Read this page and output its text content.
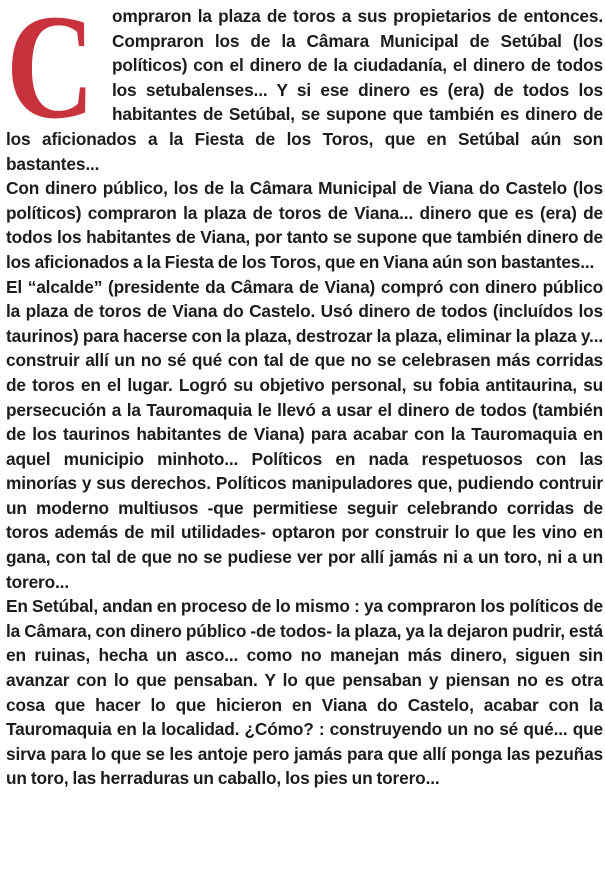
C ompraron la plaza de toros a sus propietarios de entonces. Compraron los de la Câmara Municipal de Setúbal (los políticos) con el dinero de la ciudadanía, el dinero de todos los setubalenses... Y si ese dinero es (era) de todos los habitantes de Setúbal, se supone que también es dinero de los aficionados a la Fiesta de los Toros, que en Setúbal aún son bastantes...

Con dinero público, los de la Câmara Municipal de Viana do Castelo (los políticos) compraron la plaza de toros de Viana... dinero que es (era) de todos los habitantes de Viana, por tanto se supone que también dinero de los aficionados a la Fiesta de los Toros, que en Viana aún son bastantes...

El “alcalde” (presidente da Câmara de Viana) compró con dinero público la plaza de toros de Viana do Castelo. Usó dinero de todos (incluídos los taurinos) para hacerse con la plaza, destrozar la plaza, eliminar la plaza y... construir allí un no sé qué con tal de que no se celebrasen más corridas de toros en el lugar. Logró su objetivo personal, su fobia antitaurina, su persecución a la Tauromaquia le llevó a usar el dinero de todos (también de los taurinos habitantes de Viana) para acabar con la Tauromaquia en aquel municipio minhoto... Políticos en nada respetuosos con las minorías y sus derechos. Políticos manipuladores que, pudiendo contruir un moderno multiusos -que permitiese seguir celebrando corridas de toros además de mil utilidades- optaron por construir lo que les vino en gana, con tal de que no se pudiese ver por allí jamás ni a un toro, ni a un torero...

En Setúbal, andan en proceso de lo mismo : ya compraron los políticos de la Câmara, con dinero público -de todos- la plaza, ya la dejaron pudrir, está en ruinas, hecha un asco... como no manejan más dinero, siguen sin avanzar con lo que pensaban. Y lo que pensaban y piensan no es otra cosa que hacer lo que hicieron en Viana do Castelo, acabar con la Tauromaquia en la localidad. ¿Cómo? : construyendo un no sé qué... que sirva para lo que se les antoje pero jamás para que allí ponga las pezuñas un toro, las herraduras un caballo, los pies un torero...
